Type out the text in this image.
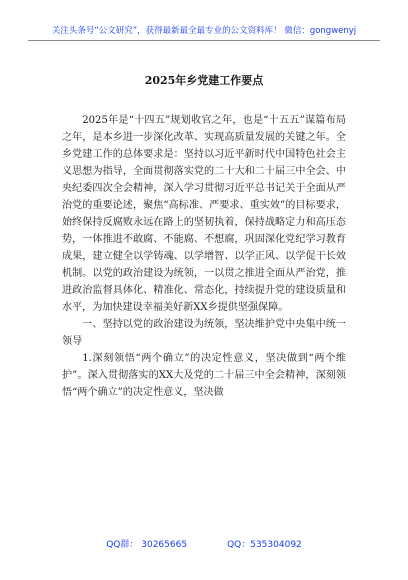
关注头条号“公文研究”，获得最新最全最专业的公文资料库！ 微信：gongwenyj
2025年乡党建工作要点

2025年是“十四五”规划收官之年，也是“十五五”谋篇布局之年，是本乡进一步深化改革、实现高质量发展的关键之年。全乡党建工作的总体要求是：坚持以习近平新时代中国特色社会主义思想为指导，全面贯彻落实党的二十大和二十届三中全会、中央纪委四次全会精神，深入学习贯彻习近平总书记关于全面从严治党的重要论述，聚焦“高标准、严要求、重实效”的目标要求，始终保持反腐败永远在路上的坚韧执着，保持战略定力和高压态势，一体推进不敢腐、不能腐、不想腐，巩固深化党纪学习教育成果，建立健全以学铸魂、以学增智、以学正风、以学促干长效机制。以党的政治建设为统领，一以贯之推进全面从严治党，推进政治监督具体化、精准化、常态化，持续提升党的建设质量和水平，为加快建设幸福美好新XX乡提供坚强保障。

一、坚持以党的政治建设为统领，坚决维护党中央集中统一领导

1.深刻领悟“两个确立”的决定性意义，坚决做到“两个维护”。深入贯彻落实的XX大及党的二十届三中全会精神，深刻领悟“两个确立”的决定性意义，坚决做

QQ群： 30265665	QQ：535304092
